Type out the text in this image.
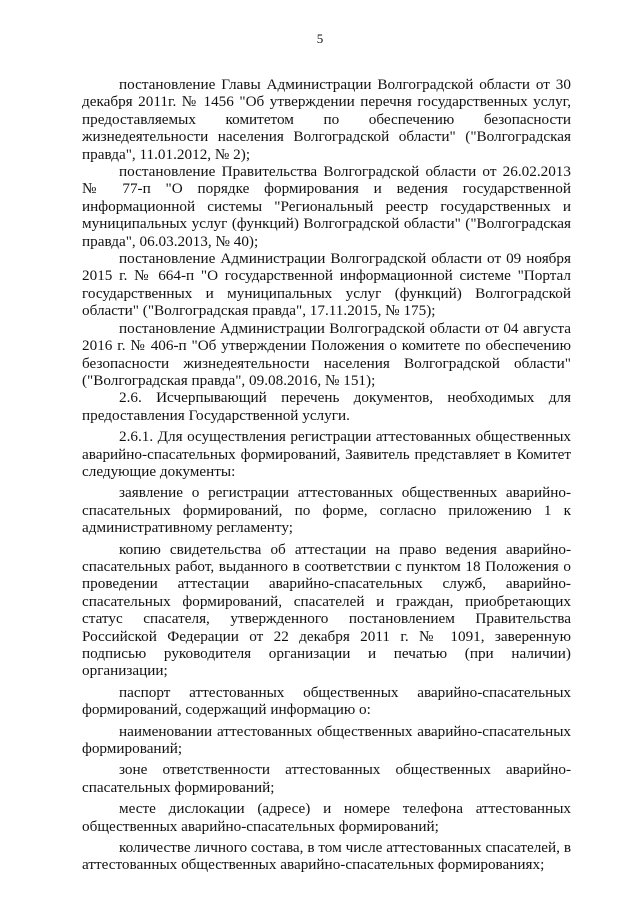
5

постановление Главы Администрации Волгоградской области от 30 декабря 2011г. № 1456 "Об утверждении перечня государственных услуг, предоставляемых комитетом по обеспечению безопасности жизнедеятельности населения Волгоградской области" ("Волгоградская правда", 11.01.2012, № 2);

постановление Правительства Волгоградской области от 26.02.2013 № 77-п "О порядке формирования и ведения государственной информационной системы "Региональный реестр государственных и муниципальных услуг (функций) Волгоградской области" ("Волгоградская правда", 06.03.2013, № 40);

постановление Администрации Волгоградской области от 09 ноября 2015 г. № 664-п "О государственной информационной системе "Портал государственных и муниципальных услуг (функций) Волгоградской области" ("Волгоградская правда", 17.11.2015, № 175);

постановление Администрации Волгоградской области от 04 августа 2016 г. № 406-п "Об утверждении Положения о комитете по обеспечению безопасности жизнедеятельности населения Волгоградской области" ("Волгоградская правда", 09.08.2016, № 151);

2.6. Исчерпывающий перечень документов, необходимых для предоставления Государственной услуги.

2.6.1. Для осуществления регистрации аттестованных общественных аварийно-спасательных формирований, Заявитель представляет в Комитет следующие документы:

заявление о регистрации аттестованных общественных аварийно-спасательных формирований, по форме, согласно приложению 1 к административному регламенту;

копию свидетельства об аттестации на право ведения аварийно-спасательных работ, выданного в соответствии с пунктом 18 Положения о проведении аттестации аварийно-спасательных служб, аварийно-спасательных формирований, спасателей и граждан, приобретающих статус спасателя, утвержденного постановлением Правительства Российской Федерации от 22 декабря 2011 г. № 1091, заверенную подписью руководителя организации и печатью (при наличии) организации;

паспорт аттестованных общественных аварийно-спасательных формирований, содержащий информацию о:

наименовании аттестованных общественных аварийно-спасательных формирований;

зоне ответственности аттестованных общественных аварийно-спасательных формирований;

месте дислокации (адресе) и номере телефона аттестованных общественных аварийно-спасательных формирований;

количестве личного состава, в том числе аттестованных спасателей, в аттестованных общественных аварийно-спасательных формированиях;
